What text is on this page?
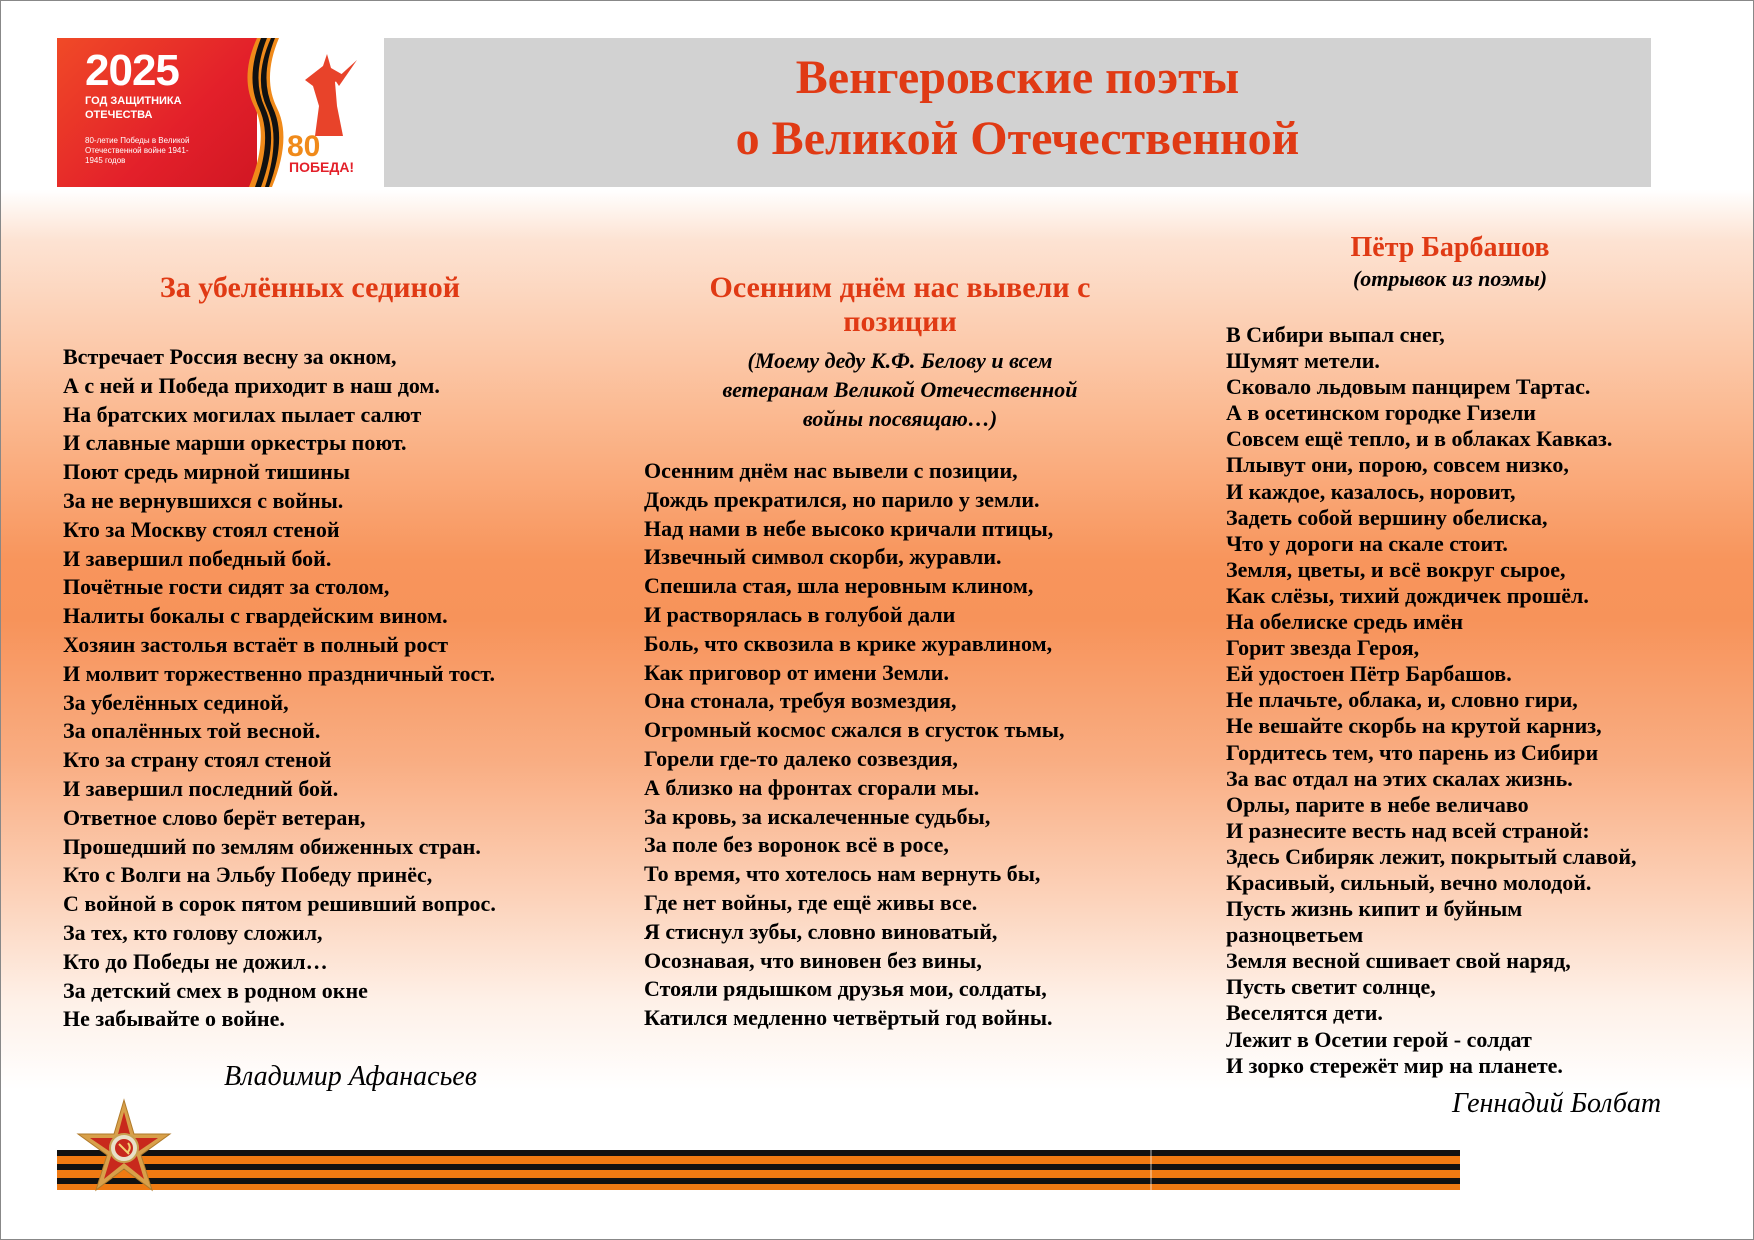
2025
ГОД ЗАЩИТНИКА
ОТЕЧЕСТВА
80-летие Победы в Великой Отечественной войне 1941-1945 годов	80
ПОБЕДА!
Венгеровские поэты
о Великой Отечественной
За убелённых сединой
Встречает Россия весну за окном,
А с ней и Победа приходит в наш дом.
На братских могилах пылает салют
И славные марши оркестры поют.
Поют средь мирной тишины
За не вернувшихся с войны.
Кто за Москву стоял стеной
И завершил победный бой.
Почётные гости сидят за столом,
Налиты бокалы с гвардейским вином.
Хозяин застолья встаёт в полный рост
И молвит торжественно праздничный тост.
За убелённых сединой,
За опалённых той весной.
Кто за страну стоял стеной
И завершил последний бой.
Ответное слово берёт ветеран,
Прошедший по землям обиженных стран.
Кто с Волги на Эльбу Победу принёс,
С войной в сорок пятом решивший вопрос.
За тех, кто голову сложил,
Кто до Победы не дожил…
За детский смех в родном окне
Не забывайте о войне.
Владимир Афанасьев
Осенним днём нас вывели с
позиции
(Моему деду К.Ф. Белову и всем
ветеранам Великой Отечественной
войны посвящаю…)
Осенним днём нас вывели с позиции,
Дождь прекратился, но парило у земли.
Над нами в небе высоко кричали птицы,
Извечный символ скорби, журавли.
Спешила стая, шла неровным клином,
И растворялась в голубой дали
Боль, что сквозила в крике журавлином,
Как приговор от имени Земли.
Она стонала, требуя возмездия,
Огромный космос сжался в сгусток тьмы,
Горели где-то далеко созвездия,
А близко на фронтах сгорали мы.
За кровь, за искалеченные судьбы,
За поле без воронок всё в росе,
То время, что хотелось нам вернуть бы,
Где нет войны, где ещё живы все.
Я стиснул зубы, словно виноватый,
Осознавая, что виновен без вины,
Стояли рядышком друзья мои, солдаты,
Катился медленно четвёртый год войны.
Пётр Барбашов
(отрывок из поэмы)
В Сибири выпал снег,
Шумят метели.
Сковало льдовым панцирем Тартас.
А в осетинском городке Гизели
Совсем ещё тепло, и в облаках Кавказ.
Плывут они, порою, совсем низко,
И каждое, казалось, норовит,
Задеть собой вершину обелиска,
Что у дороги на скале стоит.
Земля, цветы, и всё вокруг сырое,
Как слёзы, тихий дождичек прошёл.
На обелиске средь имён
Горит звезда Героя,
Ей удостоен Пётр Барбашов.
Не плачьте, облака, и, словно гири,
Не вешайте скорбь на крутой карниз,
Гордитесь тем, что парень из Сибири
За вас отдал на этих скалах жизнь.
Орлы, парите в небе величаво
И разнесите весть над всей страной:
Здесь Сибиряк лежит, покрытый славой,
Красивый, сильный, вечно молодой.
Пусть жизнь кипит и буйным
разноцветьем
Земля весной сшивает свой наряд,
Пусть светит солнце,
Веселятся дети.
Лежит в Осетии герой - солдат
И зорко стережёт мир на планете.
Геннадий Болбат
